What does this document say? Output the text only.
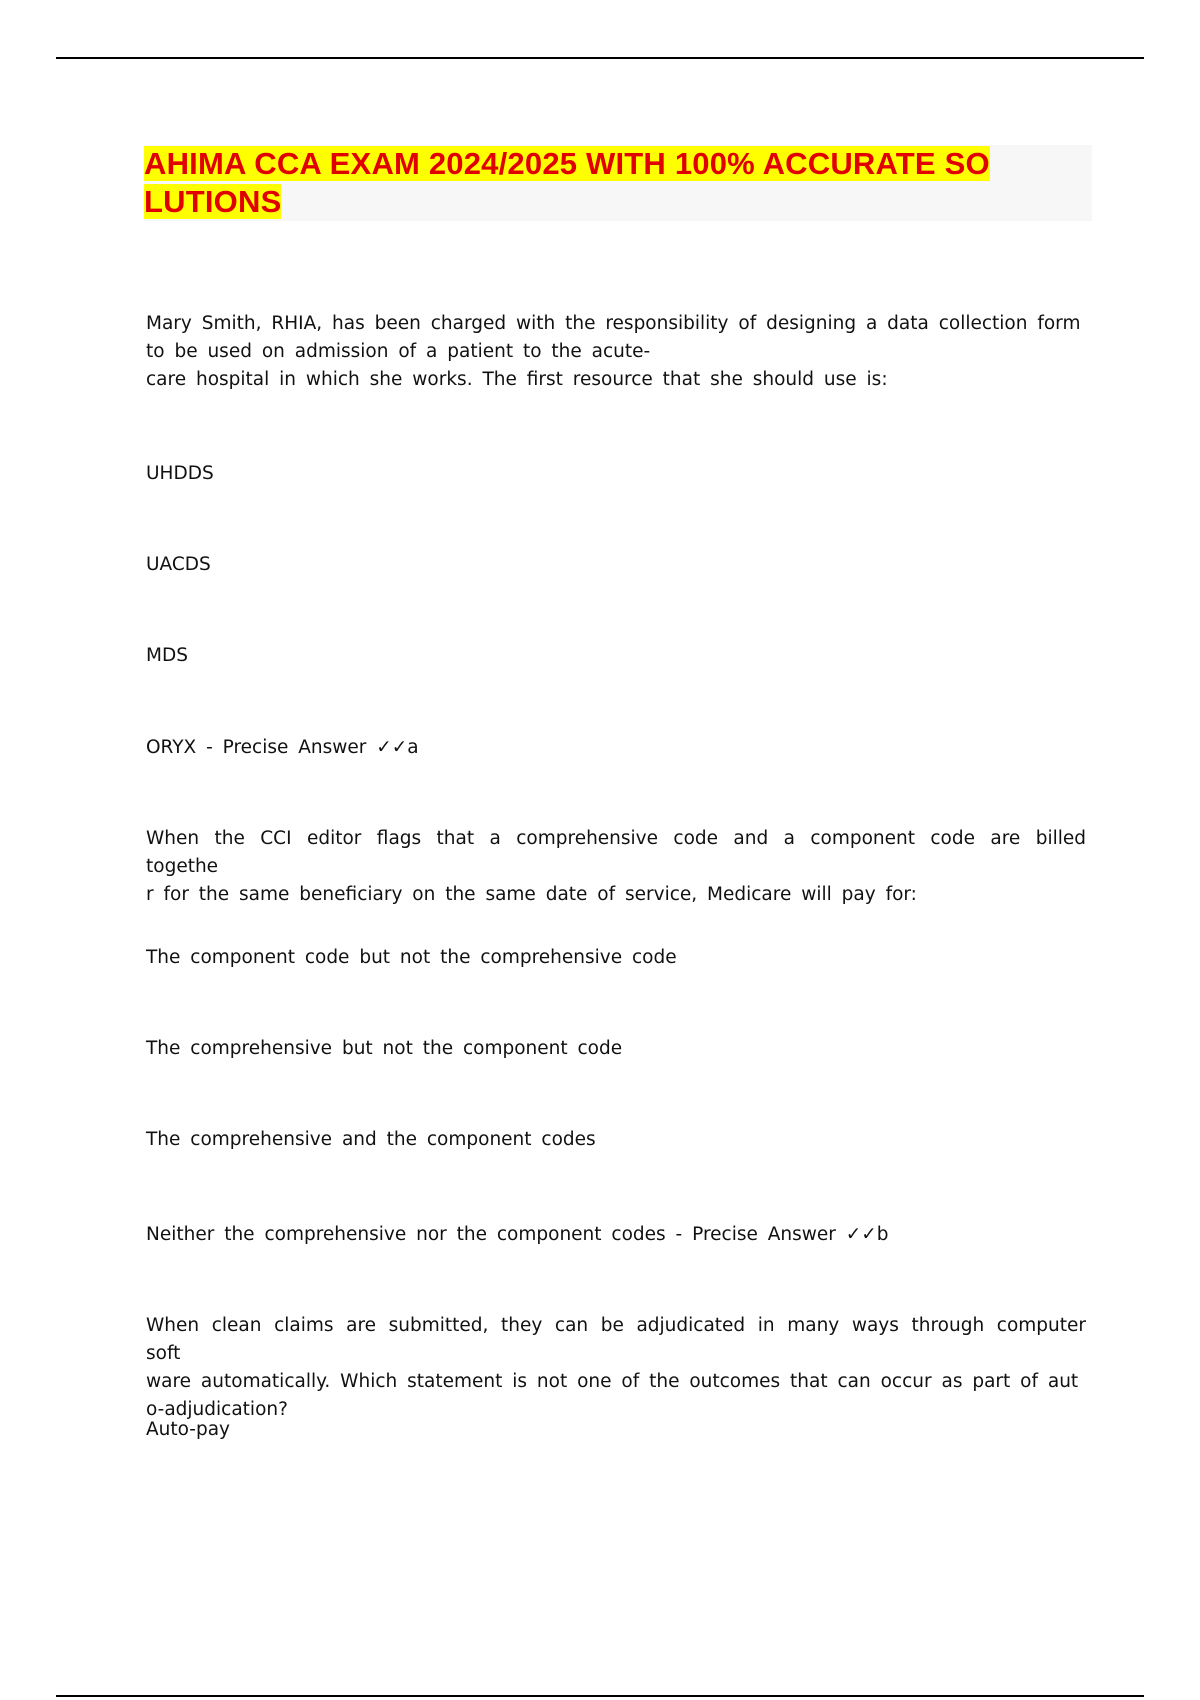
AHIMA CCA EXAM 2024/2025 WITH 100% ACCURATE SO
LUTIONS

Mary Smith, RHIA, has been charged with the responsibility of designing a data collection form

to be used on admission of a patient to the acute-

care hospital in which she works. The first resource that she should use is:

UHDDS
UACDS
MDS
ORYX - Precise Answer ✓✓a

When the CCI editor flags that a comprehensive code and a component code are billed togethe

r for the same beneficiary on the same date of service, Medicare will pay for:

The component code but not the comprehensive code
The comprehensive but not the component code
The comprehensive and the component codes
Neither the comprehensive nor the component codes - Precise Answer ✓✓b

When clean claims are submitted, they can be adjudicated in many ways through computer soft

ware automatically. Which statement is not one of the outcomes that can occur as part of aut

o-adjudication?

Auto-pay
